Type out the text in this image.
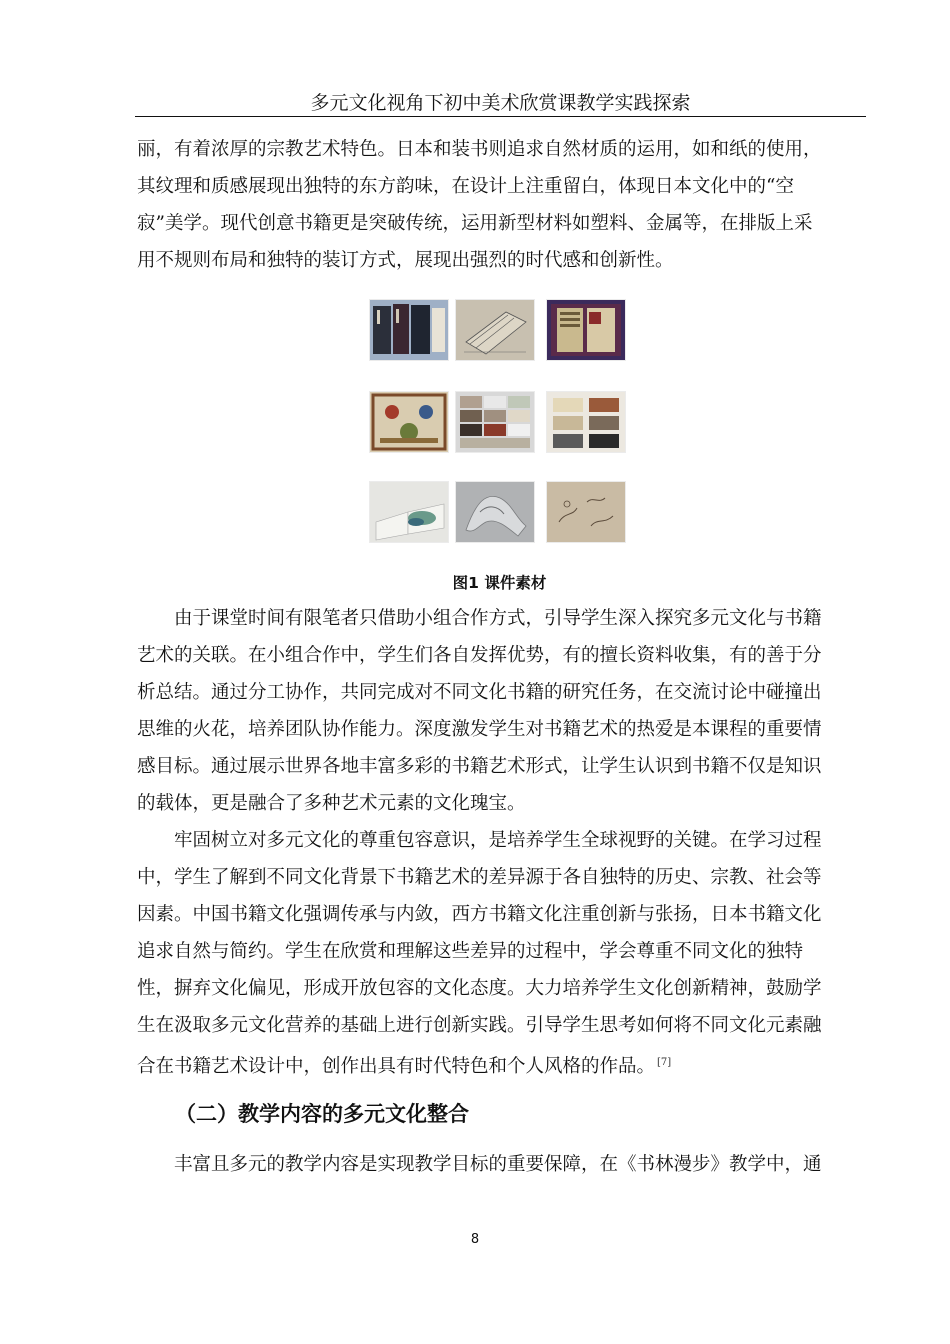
多元文化视角下初中美术欣赏课教学实践探索

丽，有着浓厚的宗教艺术特色。日本和装书则追求自然材质的运用，如和纸的使用，
其纹理和质感展现出独特的东方韵味，在设计上注重留白，体现日本文化中的“空
寂”美学。现代创意书籍更是突破传统，运用新型材料如塑料、金属等，在排版上采
用不规则布局和独特的装订方式，展现出强烈的时代感和创新性。

图1 课件素材

由于课堂时间有限笔者只借助小组合作方式，引导学生深入探究多元文化与书籍
艺术的关联。在小组合作中，学生们各自发挥优势，有的擅长资料收集，有的善于分
析总结。通过分工协作，共同完成对不同文化书籍的研究任务，在交流讨论中碰撞出
思维的火花，培养团队协作能力。深度激发学生对书籍艺术的热爱是本课程的重要情
感目标。通过展示世界各地丰富多彩的书籍艺术形式，让学生认识到书籍不仅是知识
的载体，更是融合了多种艺术元素的文化瑰宝。

牢固树立对多元文化的尊重包容意识，是培养学生全球视野的关键。在学习过程
中，学生了解到不同文化背景下书籍艺术的差异源于各自独特的历史、宗教、社会等
因素。中国书籍文化强调传承与内敛，西方书籍文化注重创新与张扬，日本书籍文化
追求自然与简约。学生在欣赏和理解这些差异的过程中，学会尊重不同文化的独特
性，摒弃文化偏见，形成开放包容的文化态度。大力培养学生文化创新精神，鼓励学
生在汲取多元文化营养的基础上进行创新实践。引导学生思考如何将不同文化元素融
合在书籍艺术设计中，创作出具有时代特色和个人风格的作品。 [7]

（二）教学内容的多元文化整合

丰富且多元的教学内容是实现教学目标的重要保障，在《书林漫步》教学中，通

8
